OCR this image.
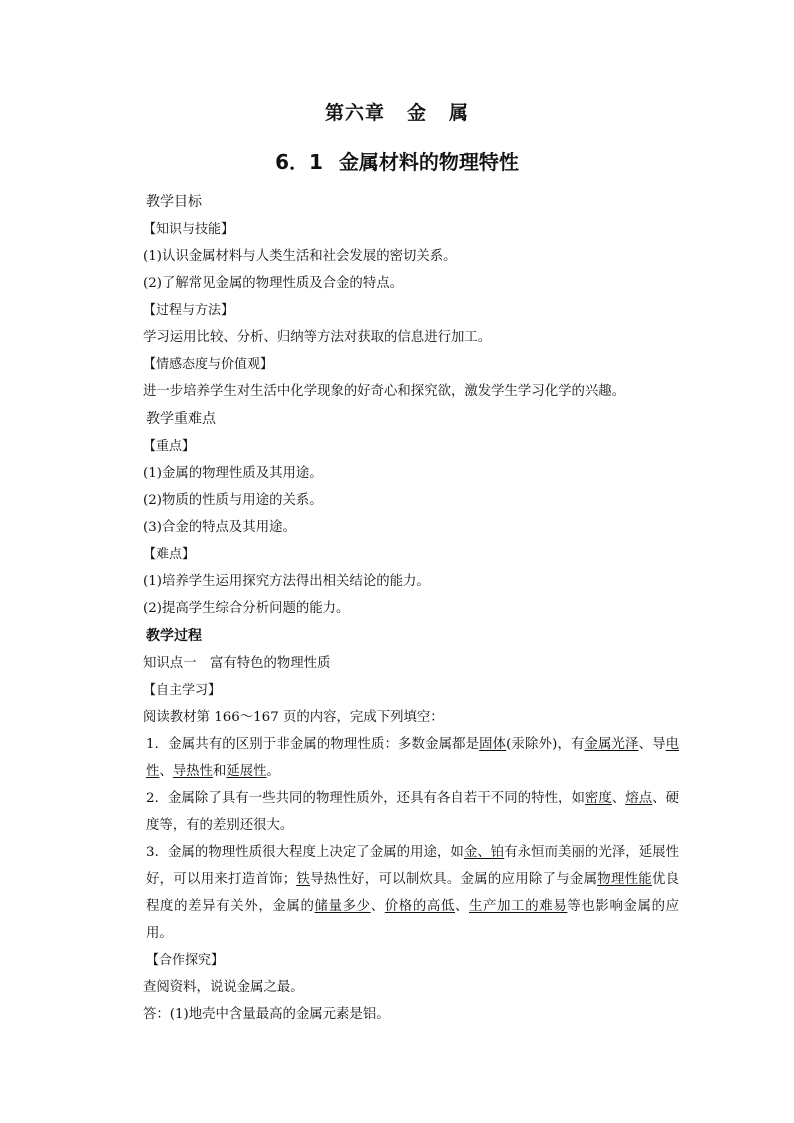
第六章 金 属
6．1 金属材料的物理特性

教学目标

【知识与技能】

(1)认识金属材料与人类生活和社会发展的密切关系。

(2)了解常见金属的物理性质及合金的特点。

【过程与方法】

学习运用比较、分析、归纳等方法对获取的信息进行加工。

【情感态度与价值观】

进一步培养学生对生活中化学现象的好奇心和探究欲，激发学生学习化学的兴趣。

教学重难点

【重点】

(1)金属的物理性质及其用途。

(2)物质的性质与用途的关系。

(3)合金的特点及其用途。

【难点】

(1)培养学生运用探究方法得出相关结论的能力。

(2)提高学生综合分析问题的能力。

教学过程

知识点一　富有特色的物理性质

【自主学习】

阅读教材第 166～167 页的内容，完成下列填空：

1．金属共有的区别于非金属的物理性质：多数金属都是固体(汞除外)，有金属光泽、导电性、导热性和延展性。

2．金属除了具有一些共同的物理性质外，还具有各自若干不同的特性，如密度、熔点、硬度等，有的差别还很大。

3．金属的物理性质很大程度上决定了金属的用途，如金、铂有永恒而美丽的光泽，延展性好，可以用来打造首饰；铁导热性好，可以制炊具。金属的应用除了与金属物理性能优良程度的差异有关外，金属的储量多少、价格的高低、生产加工的难易等也影响金属的应用。

【合作探究】

查阅资料，说说金属之最。

答：(1)地壳中含量最高的金属元素是铝。
